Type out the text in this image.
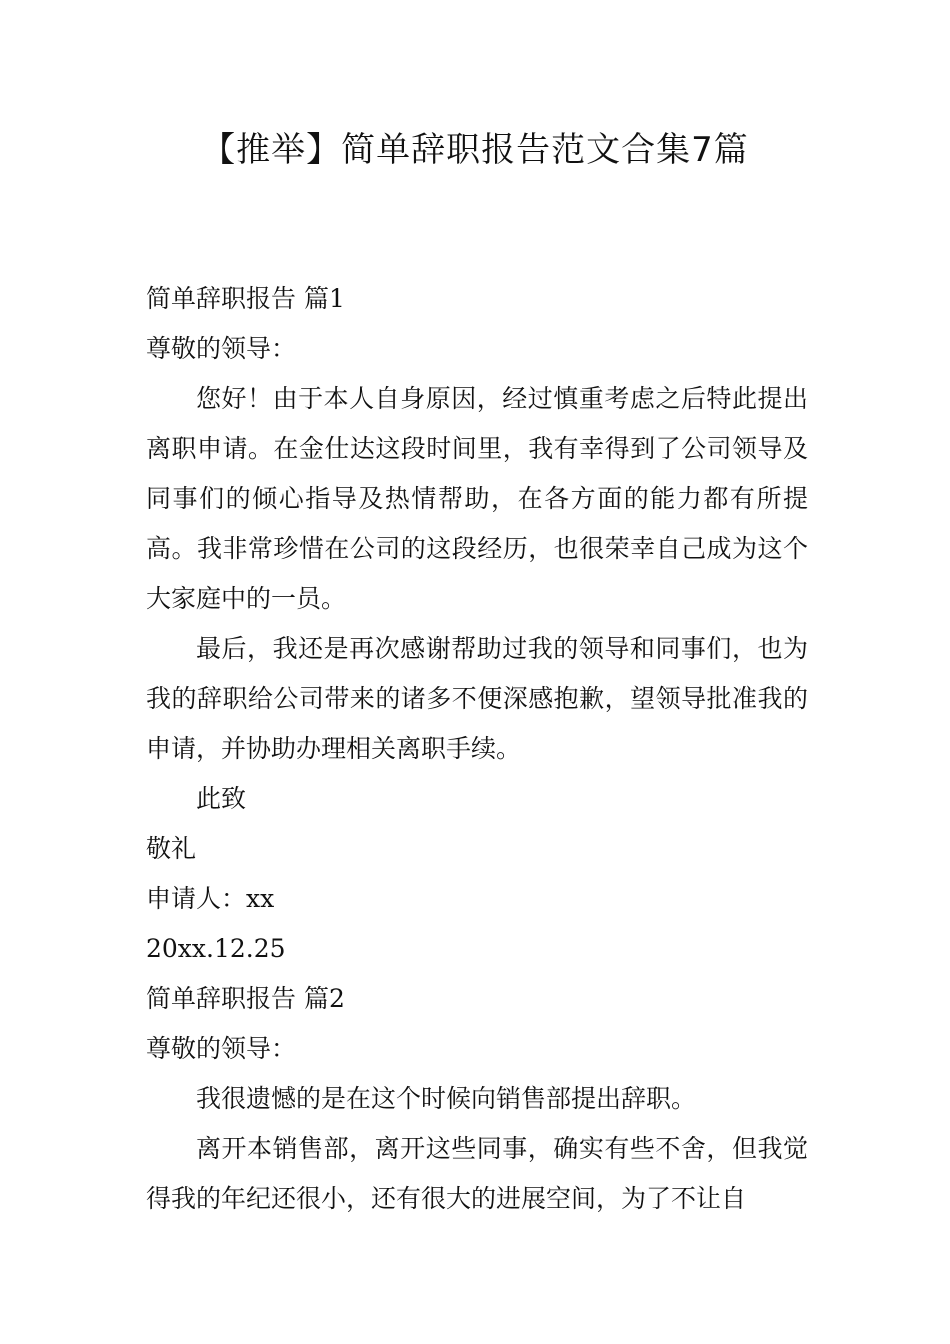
【推举】简单辞职报告范文合集7篇

简单辞职报告 篇1

尊敬的领导：

您好！由于本人自身原因，经过慎重考虑之后特此提出离职申请。在金仕达这段时间里，我有幸得到了公司领导及同事们的倾心指导及热情帮助，在各方面的能力都有所提高。我非常珍惜在公司的这段经历，也很荣幸自己成为这个大家庭中的一员。

最后，我还是再次感谢帮助过我的领导和同事们，也为我的辞职给公司带来的诸多不便深感抱歉，望领导批准我的申请，并协助办理相关离职手续。

此致

敬礼

申请人：xx

20xx.12.25

简单辞职报告 篇2

尊敬的领导：

我很遗憾的是在这个时候向销售部提出辞职。

离开本销售部，离开这些同事，确实有些不舍，但我觉得我的年纪还很小，还有很大的进展空间，为了不让自
